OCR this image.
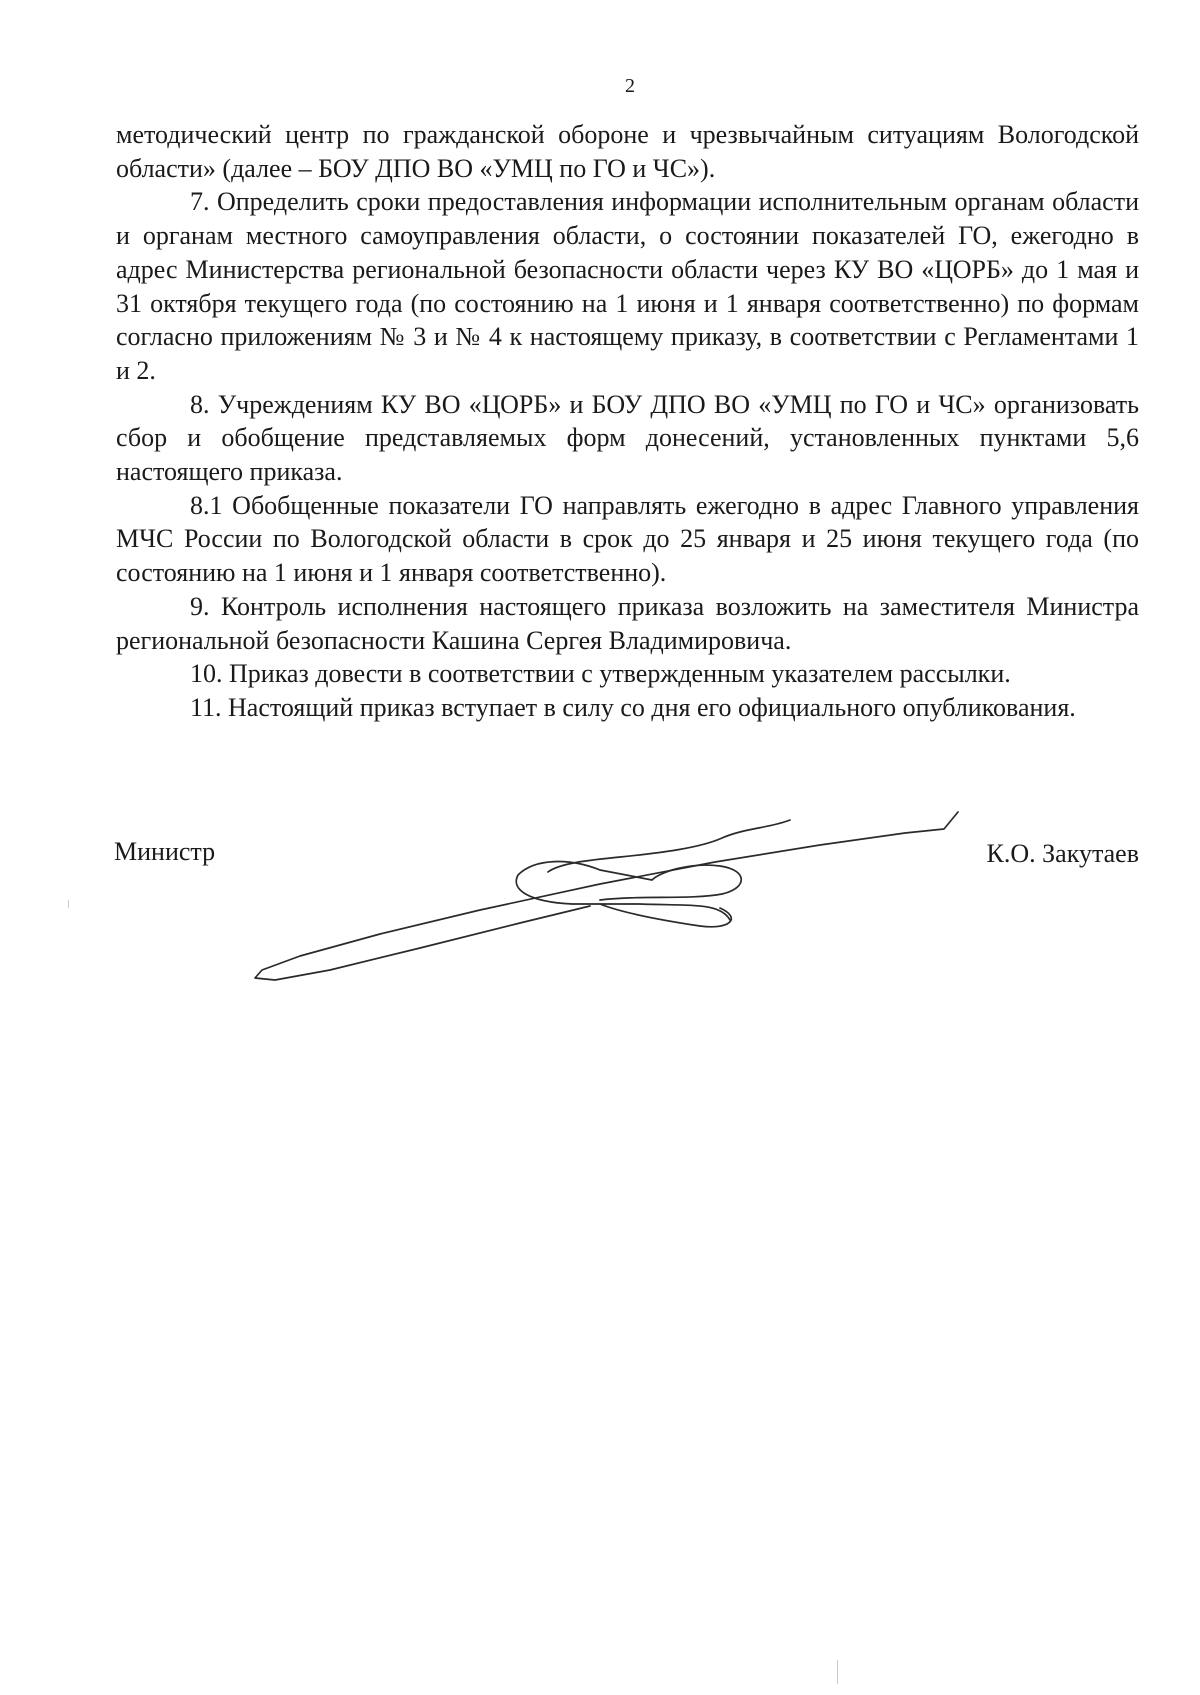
2

методический центр по гражданской обороне и чрезвычайным ситуациям Вологодской области» (далее – БОУ ДПО ВО «УМЦ по ГО и ЧС»).

7. Определить сроки предоставления информации исполнительным органам области и органам местного самоуправления области, о состоянии показателей ГО, ежегодно в адрес Министерства региональной безопасности области через КУ ВО «ЦОРБ» до 1 мая и 31 октября текущего года (по состоянию на 1 июня и 1 января соответственно) по формам согласно приложениям № 3 и № 4 к настоящему приказу, в соответствии с Регламентами 1 и 2.

8. Учреждениям КУ ВО «ЦОРБ» и БОУ ДПО ВО «УМЦ по ГО и ЧС» организовать сбор и обобщение представляемых форм донесений, установленных пунктами 5,6 настоящего приказа.

8.1 Обобщенные показатели ГО направлять ежегодно в адрес Главного управления МЧС России по Вологодской области в срок до 25 января и 25 июня текущего года (по состоянию на 1 июня и 1 января соответственно).

9. Контроль исполнения настоящего приказа возложить на заместителя Министра региональной безопасности Кашина Сергея Владимировича.

10. Приказ довести в соответствии с утвержденным указателем рассылки.

11. Настоящий приказ вступает в силу со дня его официального опубликования.

Министр	К.О. Закутаев
